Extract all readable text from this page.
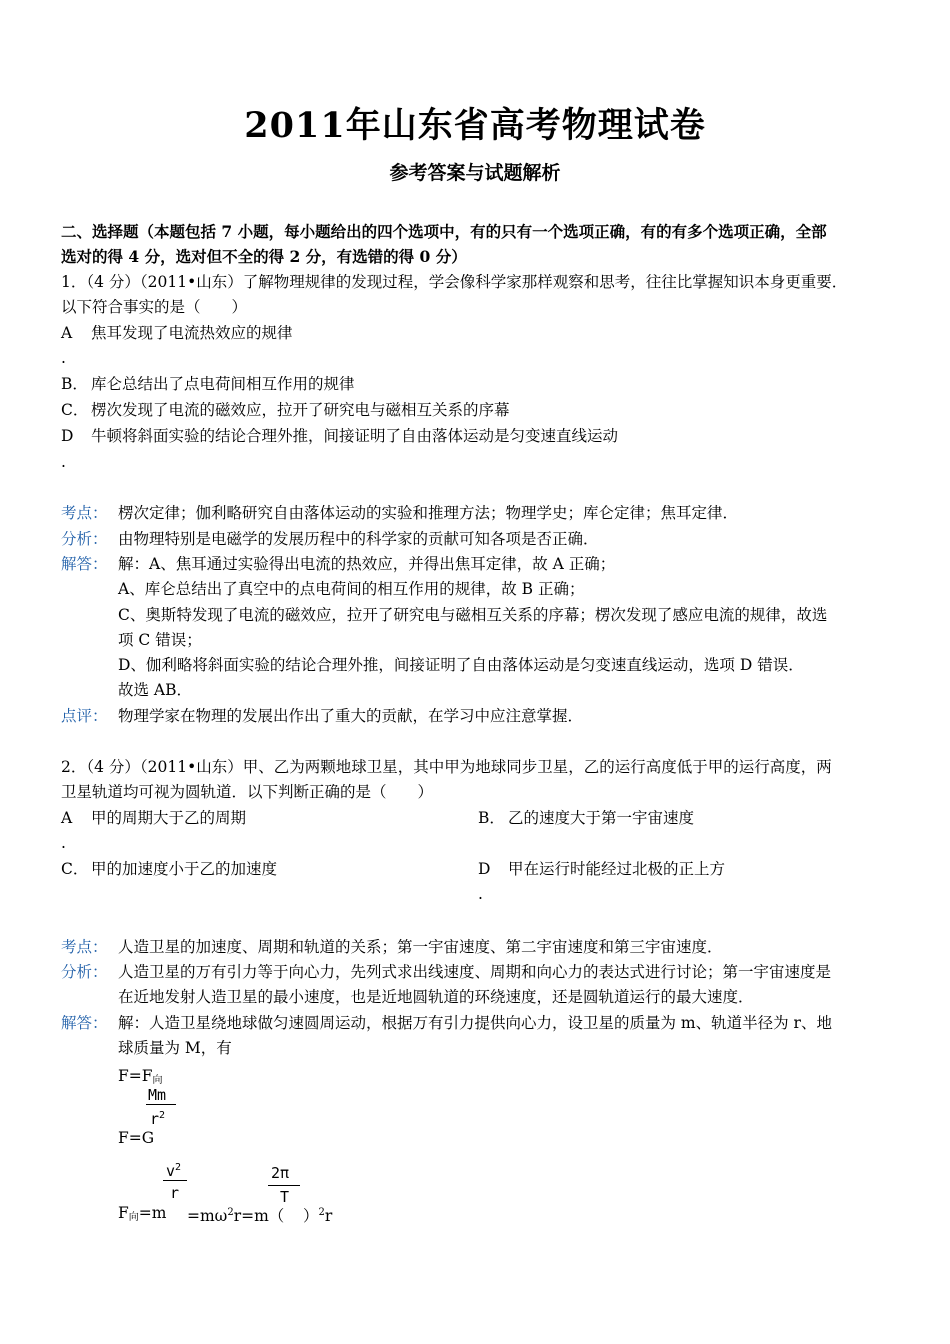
2011年山东省高考物理试卷
参考答案与试题解析
二、选择题（本题包括 7 小题，每小题给出的四个选项中，有的只有一个选项正确，有的有多个选项正确，全部
选对的得 4 分，选对但不全的得 2 分，有选错的得 0 分）
1．（4 分）（2011•山东）了解物理规律的发现过程，学会像科学家那样观察和思考，往往比掌握知识本身更重要．
以下符合事实的是（　　）
A
.
焦耳发现了电流热效应的规律
B． 库仑总结出了点电荷间相互作用的规律
C． 楞次发现了电流的磁效应，拉开了研究电与磁相互关系的序幕
D
.
牛顿将斜面实验的结论合理外推，间接证明了自由落体运动是匀变速直线运动
考点： 楞次定律；伽利略研究自由落体运动的实验和推理方法；物理学史；库仑定律；焦耳定律．
分析： 由物理特别是电磁学的发展历程中的科学家的贡献可知各项是否正确．
解答： 解：A、焦耳通过实验得出电流的热效应，并得出焦耳定律，故 A 正确；
A、库仑总结出了真空中的点电荷间的相互作用的规律，故 B 正确；
C、奥斯特发现了电流的磁效应，拉开了研究电与磁相互关系的序幕；楞次发现了感应电流的规律，故选
项 C 错误；
D、伽利略将斜面实验的结论合理外推，间接证明了自由落体运动是匀变速直线运动，选项 D 错误．
故选 AB．
点评： 物理学家在物理的发展出作出了重大的贡献，在学习中应注意掌握．
2．（4 分）（2011•山东）甲、乙为两颗地球卫星，其中甲为地球同步卫星，乙的运行高度低于甲的运行高度，两
卫星轨道均可视为圆轨道．以下判断正确的是（　　）
A
.
甲的周期大于乙的周期	B． 乙的速度大于第一宇宙速度
C． 甲的加速度小于乙的加速度	D
.
甲在运行时能经过北极的正上方
考点： 人造卫星的加速度、周期和轨道的关系；第一宇宙速度、第二宇宙速度和第三宇宙速度．
分析： 人造卫星的万有引力等于向心力，先列式求出线速度、周期和向心力的表达式进行讨论；第一宇宙速度是
在近地发射人造卫星的最小速度，也是近地圆轨道的环绕速度，还是圆轨道运行的最大速度．
解答： 解：人造卫星绕地球做匀速圆周运动，根据万有引力提供向心力，设卫星的质量为 m、轨道半径为 r、地
球质量为 M，有
$F=F_向$
Mm
$r^2$
F=G
$v^2$
r
2π
T
$F_向=m =m\omega^2r=m$（ ）$^2$r
